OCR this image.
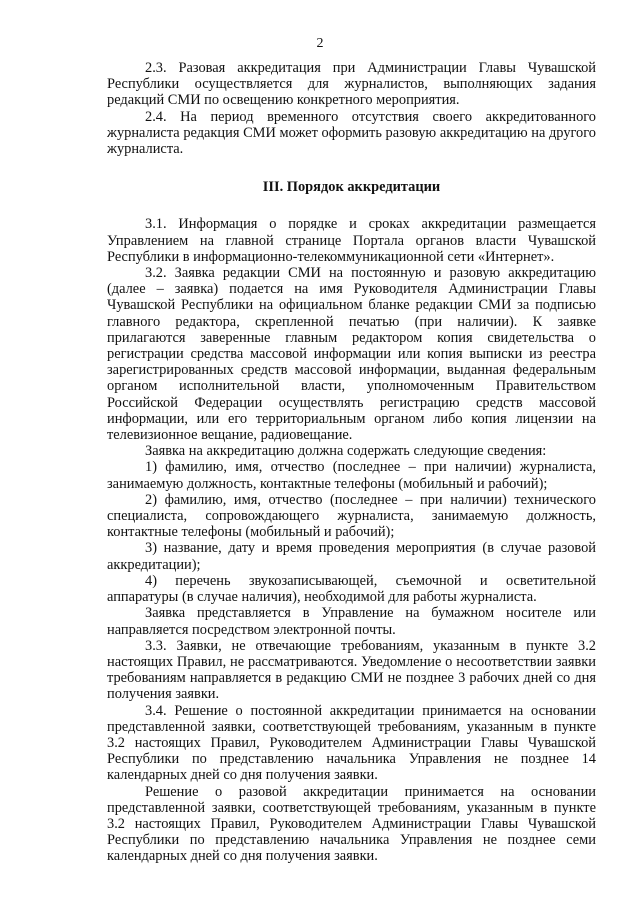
2

2.3. Разовая аккредитация при Администрации Главы Чувашской Республики осуществляется для журналистов, выполняющих задания редакций СМИ по освещению конкретного мероприятия.

2.4. На период временного отсутствия своего аккредитованного журналиста редакция СМИ может оформить разовую аккредитацию на другого журналиста.

III. Порядок аккредитации

3.1. Информация о порядке и сроках аккредитации размещается Управлением на главной странице Портала органов власти Чувашской Республики в информационно-телекоммуникационной сети «Интернет».

3.2. Заявка редакции СМИ на постоянную и разовую аккредитацию (далее – заявка) подается на имя Руководителя Администрации Главы Чувашской Республики на официальном бланке редакции СМИ за подписью главного редактора, скрепленной печатью (при наличии). К заявке прилагаются заверенные главным редактором копия свидетельства о регистрации средства массовой информации или копия выписки из реестра зарегистрированных средств массовой информации, выданная федеральным органом исполнительной власти, уполномоченным Правительством Российской Федерации осуществлять регистрацию средств массовой информации, или его территориальным органом либо копия лицензии на телевизионное вещание, радиовещание.

Заявка на аккредитацию должна содержать следующие сведения:

1) фамилию, имя, отчество (последнее – при наличии) журналиста, занимаемую должность, контактные телефоны (мобильный и рабочий);

2) фамилию, имя, отчество (последнее – при наличии) технического специалиста, сопровождающего журналиста, занимаемую должность, контактные телефоны (мобильный и рабочий);

3) название, дату и время проведения мероприятия (в случае разовой аккредитации);

4) перечень звукозаписывающей, съемочной и осветительной аппаратуры (в случае наличия), необходимой для работы журналиста.

Заявка представляется в Управление на бумажном носителе или направляется посредством электронной почты.

3.3. Заявки, не отвечающие требованиям, указанным в пункте 3.2 настоящих Правил, не рассматриваются. Уведомление о несоответствии заявки требованиям направляется в редакцию СМИ не позднее 3 рабочих дней со дня получения заявки.

3.4. Решение о постоянной аккредитации принимается на основании представленной заявки, соответствующей требованиям, указанным в пункте 3.2 настоящих Правил, Руководителем Администрации Главы Чувашской Республики по представлению начальника Управления не позднее 14 календарных дней со дня получения заявки.

Решение о разовой аккредитации принимается на основании представленной заявки, соответствующей требованиям, указанным в пункте 3.2 настоящих Правил, Руководителем Администрации Главы Чувашской Республики по представлению начальника Управления не позднее семи календарных дней со дня получения заявки.
